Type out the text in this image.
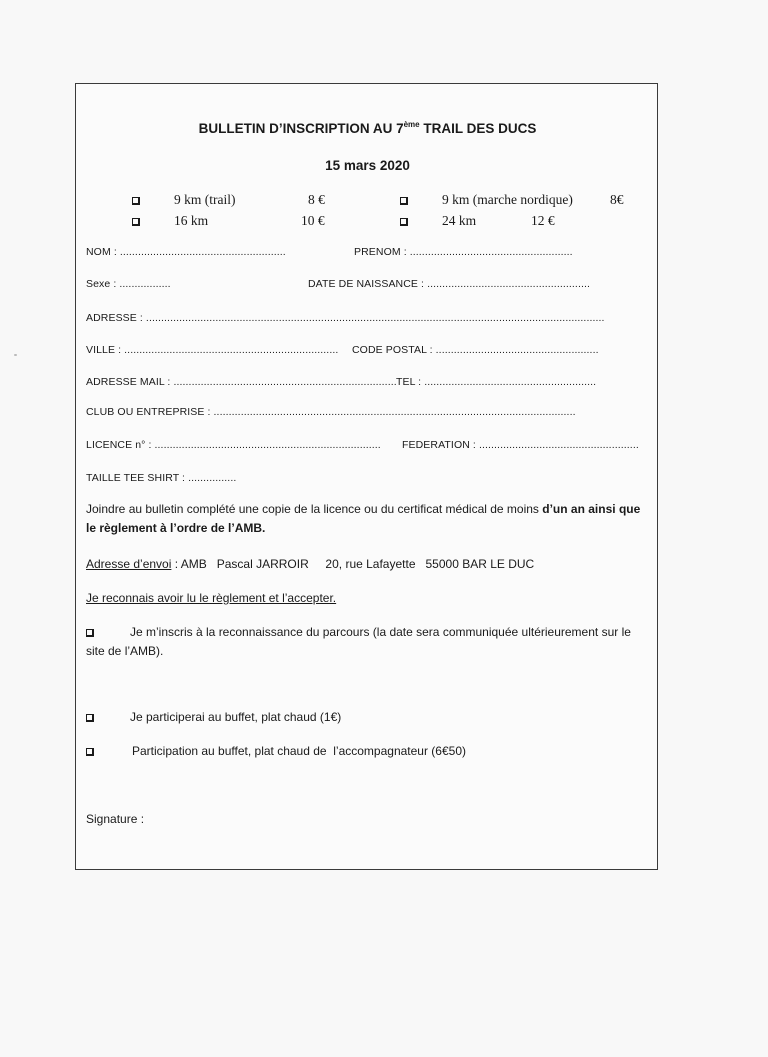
BULLETIN D’INSCRIPTION AU 7ème TRAIL DES DUCS
15 mars 2020
9 km (trail)	8 €	9 km (marche nordique)	8€
16 km	10 €	24 km	12 €
NOM : .......................................................	PRENOM : ......................................................
Sexe : .................	DATE DE NAISSANCE : ......................................................
ADRESSE : ........................................................................................................................................................
VILLE : ....................................................................... CODE POSTAL : ......................................................
ADRESSE MAIL : .......................................................................... TEL : .........................................................
CLUB OU ENTREPRISE : ........................................................................................................................
LICENCE n° : ........................................................................... FEDERATION : .....................................................
TAILLE TEE SHIRT : ................
Joindre au bulletin complété une copie de la licence ou du certificat médical de moins d’un an ainsi que le règlement à l’ordre de l’AMB.
Adresse d’envoi : AMB   Pascal JARROIR     20, rue Lafayette   55000 BAR LE DUC
Je reconnais avoir lu le règlement et l’accepter.
Je m’inscris à la reconnaissance du parcours (la date sera communiquée ultérieurement sur le site de l’AMB).
Je participerai au buffet, plat chaud (1€)
Participation au buffet, plat chaud de  l’accompagnateur (6€50)
Signature :
